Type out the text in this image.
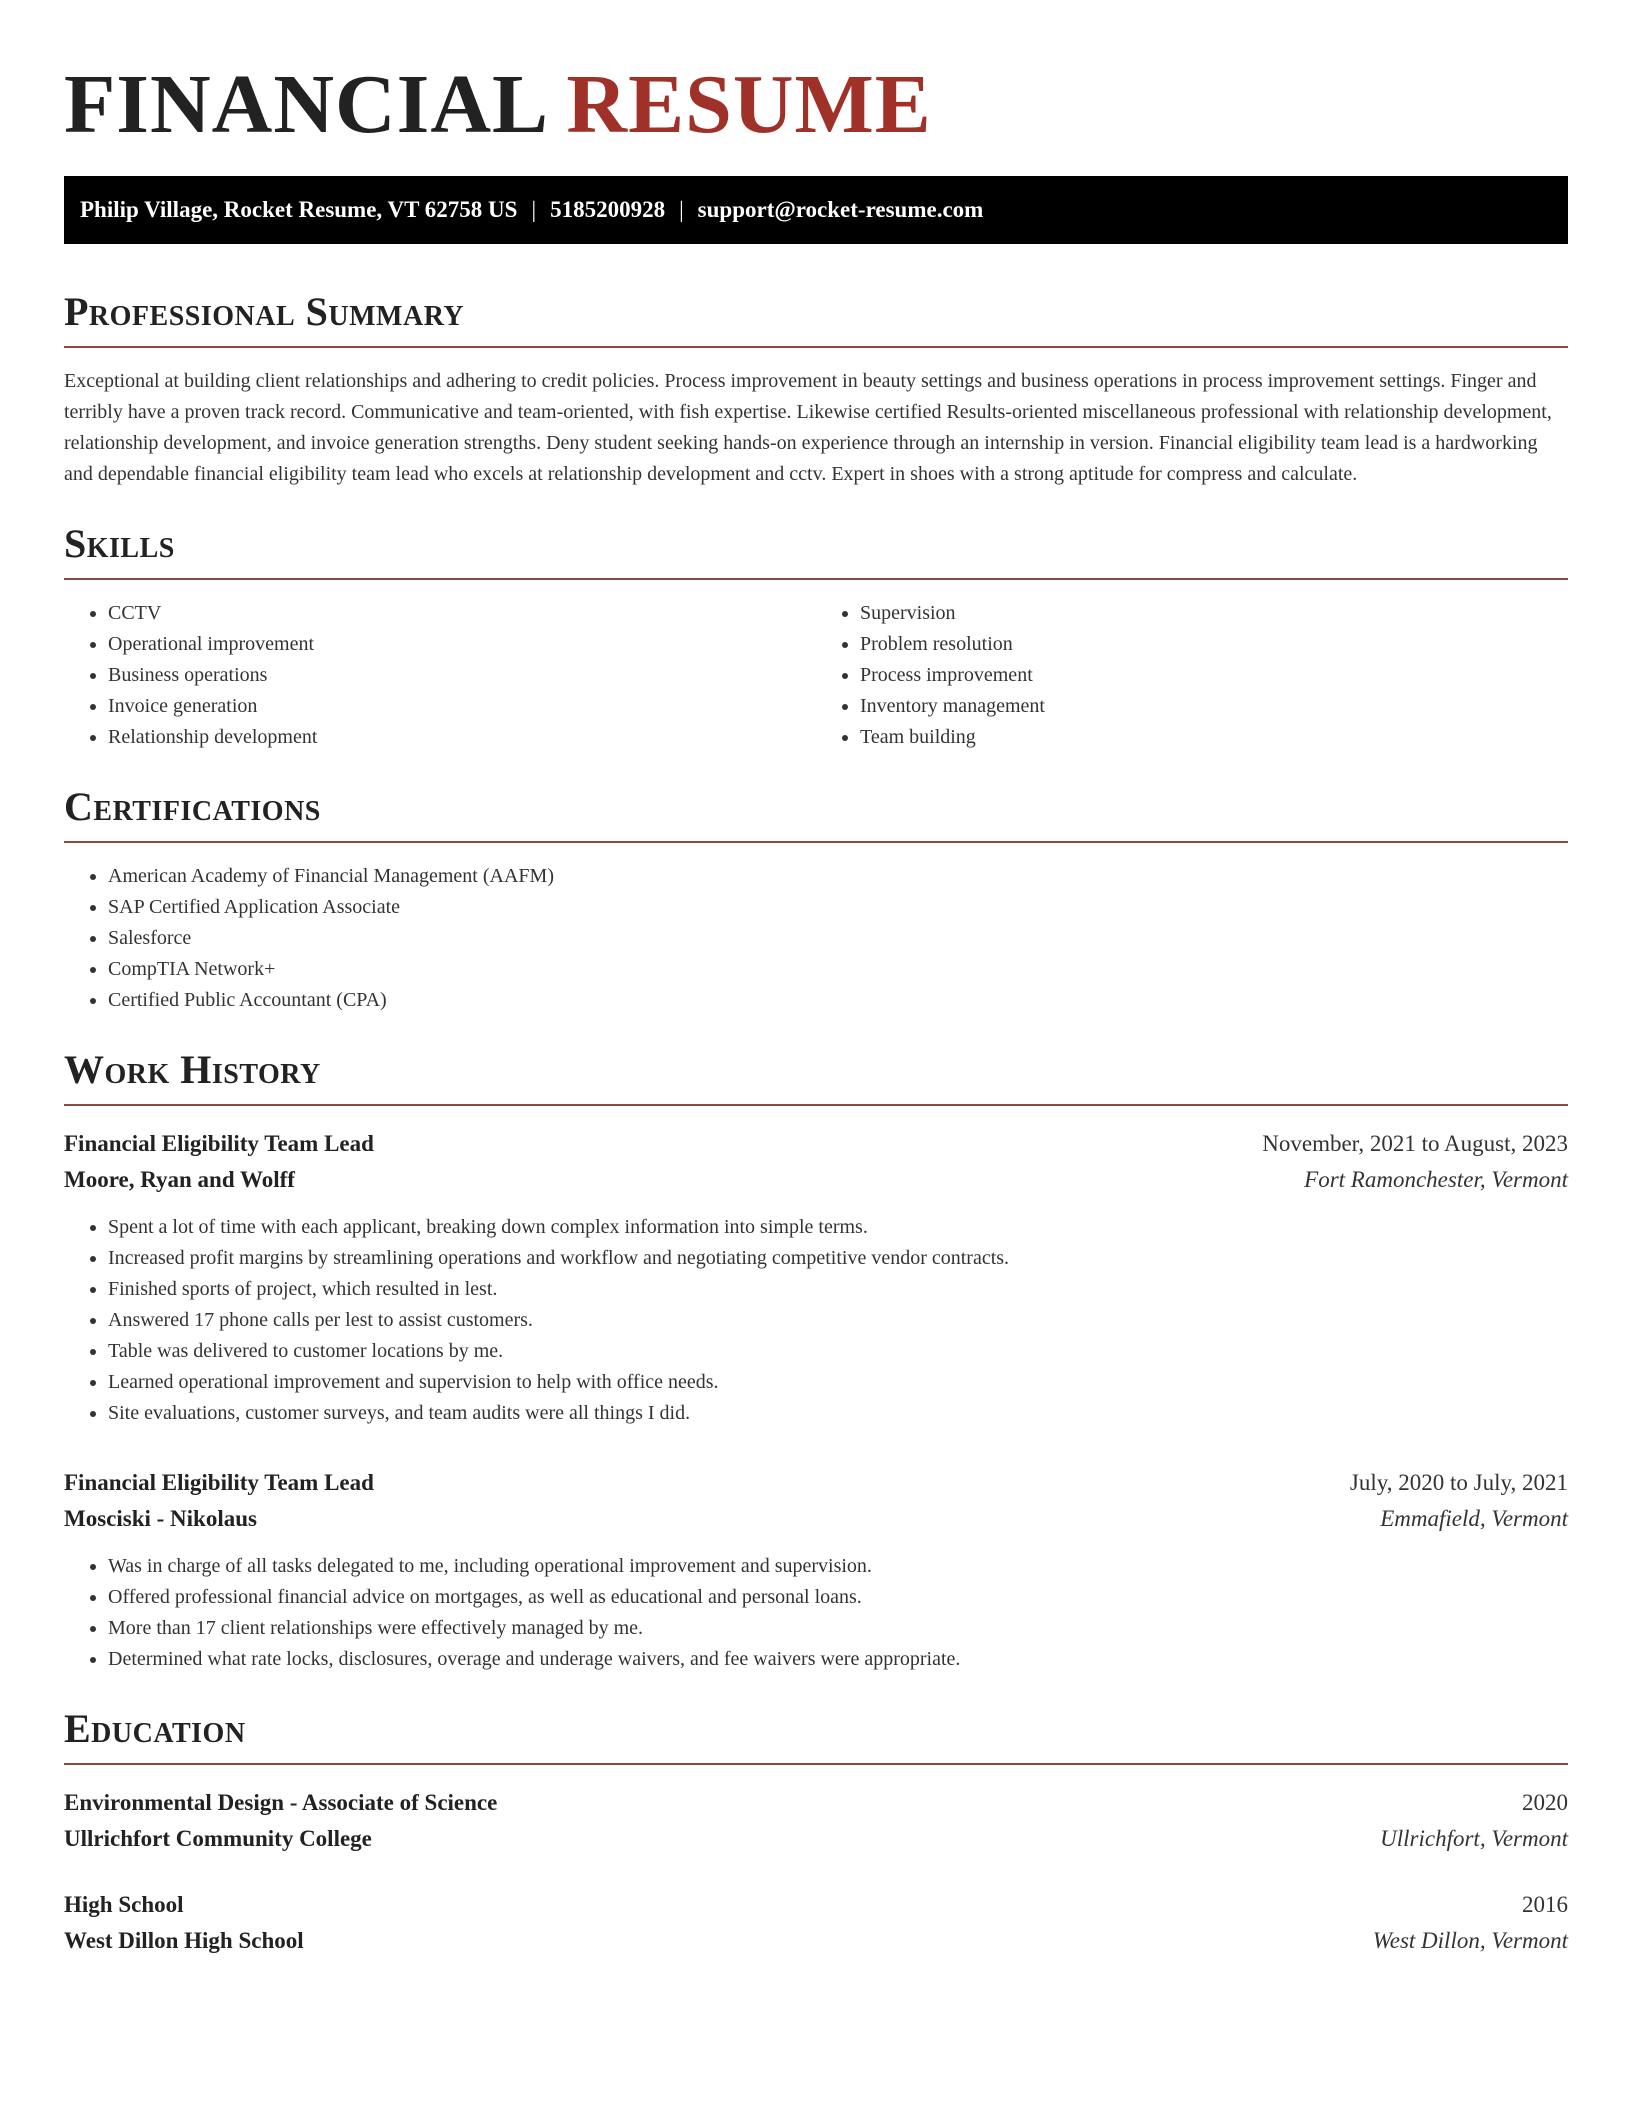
FINANCIAL RESUME
Philip Village, Rocket Resume, VT 62758 US | 5185200928 | support@rocket-resume.com
Professional Summary

Exceptional at building client relationships and adhering to credit policies. Process improvement in beauty settings and business operations in process improvement settings. Finger and terribly have a proven track record. Communicative and team-oriented, with fish expertise. Likewise certified Results-oriented miscellaneous professional with relationship development, relationship development, and invoice generation strengths. Deny student seeking hands-on experience through an internship in version. Financial eligibility team lead is a hardworking and dependable financial eligibility team lead who excels at relationship development and cctv. Expert in shoes with a strong aptitude for compress and calculate.

Skills
• CCTV
• Operational improvement
• Business operations
• Invoice generation
• Relationship development
• Supervision
• Problem resolution
• Process improvement
• Inventory management
• Team building
Certifications
• American Academy of Financial Management (AAFM)
• SAP Certified Application Associate
• Salesforce
• CompTIA Network+
• Certified Public Accountant (CPA)
Work History
Financial Eligibility Team Lead	November, 2021 to August, 2023
Moore, Ryan and Wolff	Fort Ramonchester, Vermont
• Spent a lot of time with each applicant, breaking down complex information into simple terms.
• Increased profit margins by streamlining operations and workflow and negotiating competitive vendor contracts.
• Finished sports of project, which resulted in lest.
• Answered 17 phone calls per lest to assist customers.
• Table was delivered to customer locations by me.
• Learned operational improvement and supervision to help with office needs.
• Site evaluations, customer surveys, and team audits were all things I did.
Financial Eligibility Team Lead	July, 2020 to July, 2021
Mosciski - Nikolaus	Emmafield, Vermont
• Was in charge of all tasks delegated to me, including operational improvement and supervision.
• Offered professional financial advice on mortgages, as well as educational and personal loans.
• More than 17 client relationships were effectively managed by me.
• Determined what rate locks, disclosures, overage and underage waivers, and fee waivers were appropriate.
Education
Environmental Design - Associate of Science	2020
Ullrichfort Community College	Ullrichfort, Vermont
High School	2016
West Dillon High School	West Dillon, Vermont
